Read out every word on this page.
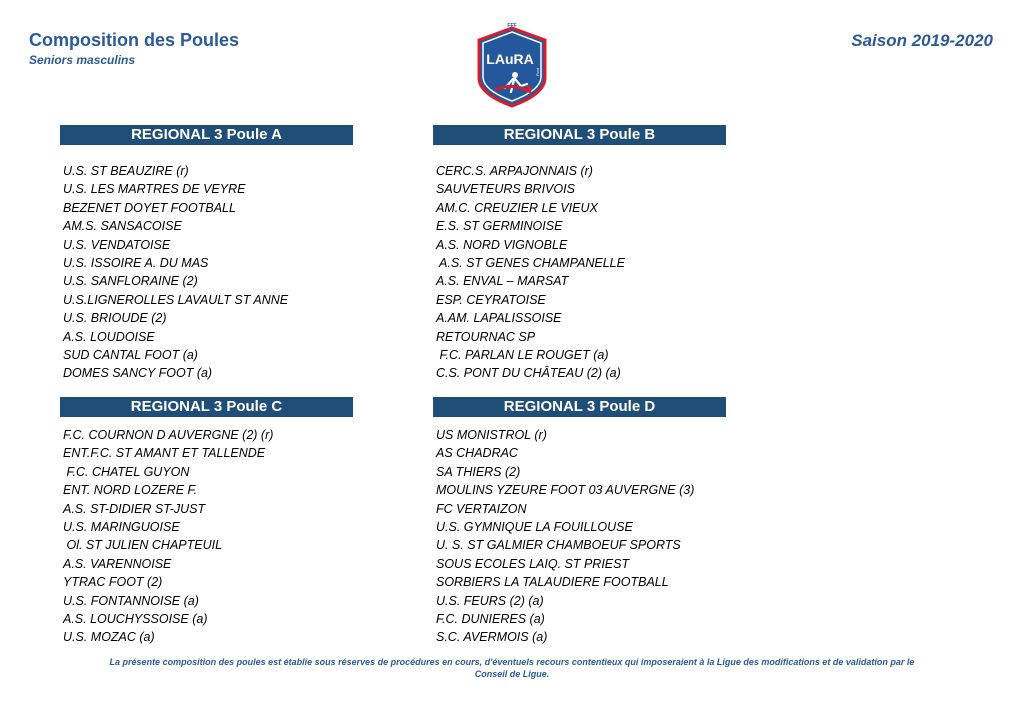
Composition des Poules
Seniors masculins
Saison 2019-2020
FFF
LAuRA
Foot
REGIONAL 3 Poule A	REGIONAL 3 Poule B
REGIONAL 3 Poule C	REGIONAL 3 Poule D
U.S. ST BEAUZIRE (r)
U.S. LES MARTRES DE VEYRE
BEZENET DOYET FOOTBALL
AM.S. SANSACOISE
U.S. VENDATOISE
U.S. ISSOIRE A. DU MAS
U.S. SANFLORAINE (2)
U.S.LIGNEROLLES LAVAULT ST ANNE
U.S. BRIOUDE (2)
A.S. LOUDOISE
SUD CANTAL FOOT (a)
DOMES SANCY FOOT (a)
CERC.S. ARPAJONNAIS (r)
SAUVETEURS BRIVOIS
AM.C. CREUZIER LE VIEUX
E.S. ST GERMINOISE
A.S. NORD VIGNOBLE
A.S. ST GENES CHAMPANELLE
A.S. ENVAL – MARSAT
ESP. CEYRATOISE
A.AM. LAPALISSOISE
RETOURNAC SP
F.C. PARLAN LE ROUGET (a)
C.S. PONT DU CHÂTEAU (2) (a)
F.C. COURNON D AUVERGNE (2) (r)
ENT.F.C. ST AMANT ET TALLENDE
F.C. CHATEL GUYON
ENT. NORD LOZERE F.
A.S. ST-DIDIER ST-JUST
U.S. MARINGUOISE
Ol. ST JULIEN CHAPTEUIL
A.S. VARENNOISE
YTRAC FOOT (2)
U.S. FONTANNOISE (a)
A.S. LOUCHYSSOISE (a)
U.S. MOZAC (a)
US MONISTROL (r)
AS CHADRAC
SA THIERS (2)
MOULINS YZEURE FOOT 03 AUVERGNE (3)
FC VERTAIZON
U.S. GYMNIQUE LA FOUILLOUSE
U. S. ST GALMIER CHAMBOEUF SPORTS
SOUS ECOLES LAIQ. ST PRIEST
SORBIERS LA TALAUDIERE FOOTBALL
U.S. FEURS (2) (a)
F.C. DUNIERES (a)
S.C. AVERMOIS (a)
La présente composition des poules est établie sous réserves de procédures en cours, d'éventuels recours contentieux qui imposeraient à la Ligue des modifications et de validation par le
Conseil de Ligue.
